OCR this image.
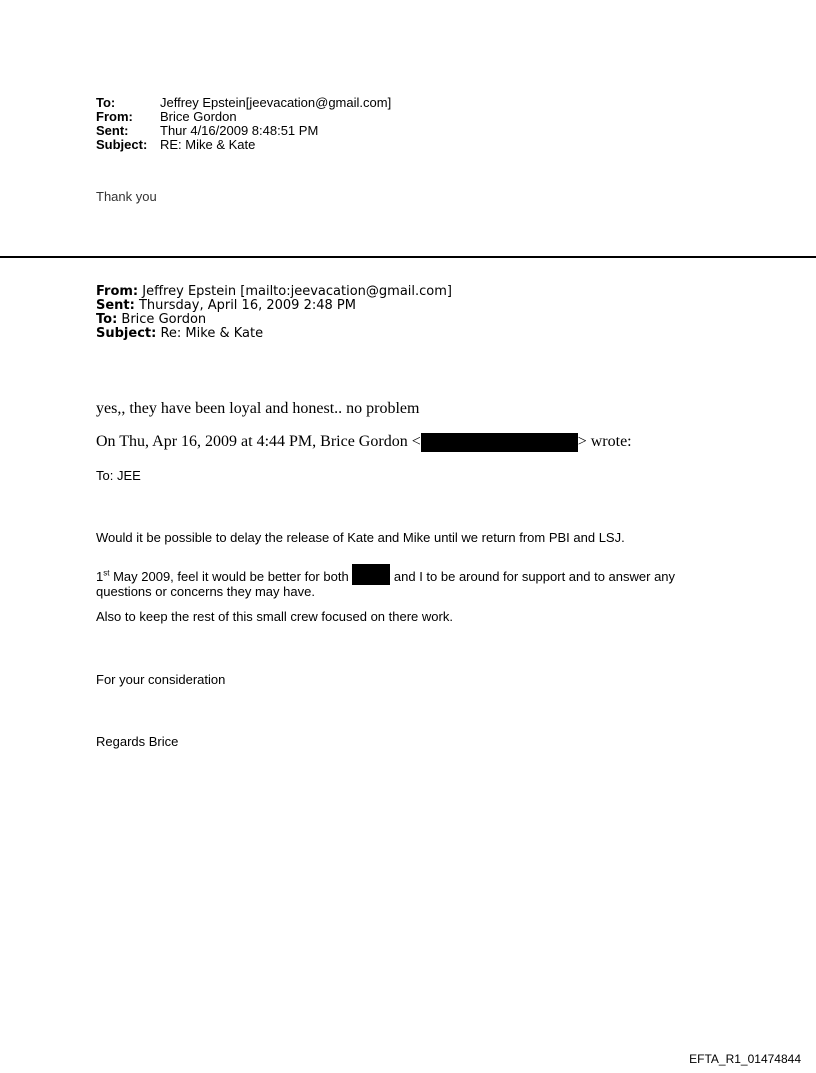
To:	Jeffrey Epstein[jeevacation@gmail.com]
From:	Brice Gordon
Sent:	Thur 4/16/2009 8:48:51 PM
Subject: RE: Mike & Kate
Thank you
From: Jeffrey Epstein [mailto:jeevacation@gmail.com]
Sent: Thursday, April 16, 2009 2:48 PM
To: Brice Gordon
Subject: Re: Mike & Kate
yes,, they have been loyal and honest.. no problem
On Thu, Apr 16, 2009 at 4:44 PM, Brice Gordon <	> wrote:
To: JEE
Would it be possible to delay the release of Kate and Mike until we return from PBI and LSJ.
1st May 2009, feel it would be better for both	and I to be around for support and to answer any
questions or concerns they may have.
Also to keep the rest of this small crew focused on there work.
For your consideration
Regards Brice
EFTA_R1_01474844
